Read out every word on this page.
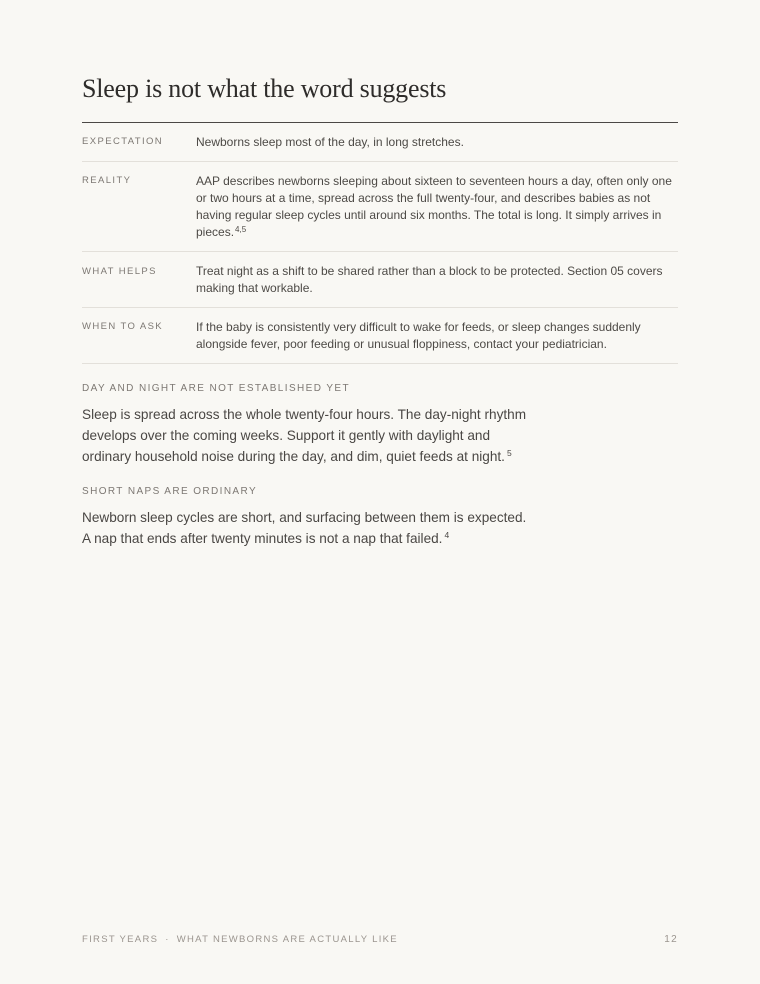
Sleep is not what the word suggests
EXPECTATION	Newborns sleep most of the day, in long stretches.
REALITY	AAP describes newborns sleeping about sixteen to seventeen hours a day, often only one or two hours at a time, spread across the full twenty-four, and describes babies as not having regular sleep cycles until around six months. The total is long. It simply arrives in pieces.$^{4,5}$
WHAT HELPS	Treat night as a shift to be shared rather than a block to be protected. Section 05 covers making that workable.
WHEN TO ASK	If the baby is consistently very difficult to wake for feeds, or sleep changes suddenly alongside fever, poor feeding or unusual floppiness, contact your pediatrician.
DAY AND NIGHT ARE NOT ESTABLISHED YET
Sleep is spread across the whole twenty-four hours. The day-night rhythm develops over the coming weeks. Support it gently with daylight and ordinary household noise during the day, and dim, quiet feeds at night. $^5$
SHORT NAPS ARE ORDINARY
Newborn sleep cycles are short, and surfacing between them is expected. A nap that ends after twenty minutes is not a nap that failed. $^4$
FIRST YEARS · WHAT NEWBORNS ARE ACTUALLY LIKE	12
